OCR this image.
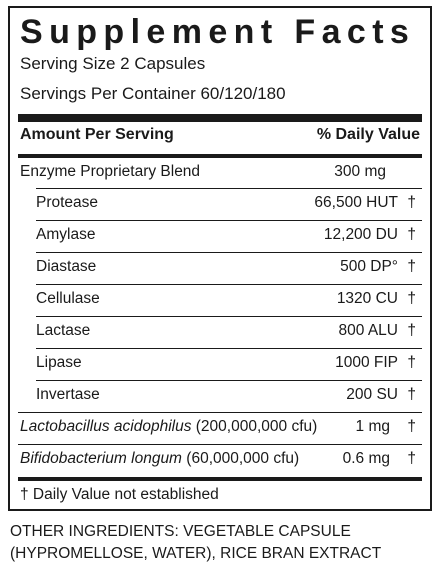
Supplement Facts
Serving Size 2 Capsules
Servings Per Container 60/120/180
Amount Per Serving	% Daily Value
Enzyme Proprietary Blend	300 mg
Protease	66,500 HUT †
Amylase	12,200 DU †
Diastase	500 DP° †
Cellulase	1320 CU †
Lactase	800 ALU †
Lipase	1000 FIP †
Invertase	200 SU †
Lactobacillus acidophilus (200,000,000 cfu) 1 mg †
Bifidobacterium longum (60,000,000 cfu)	0.6 mg †
† Daily Value not established
OTHER INGREDIENTS: VEGETABLE CAPSULE
(HYPROMELLOSE, WATER), RICE BRAN EXTRACT
